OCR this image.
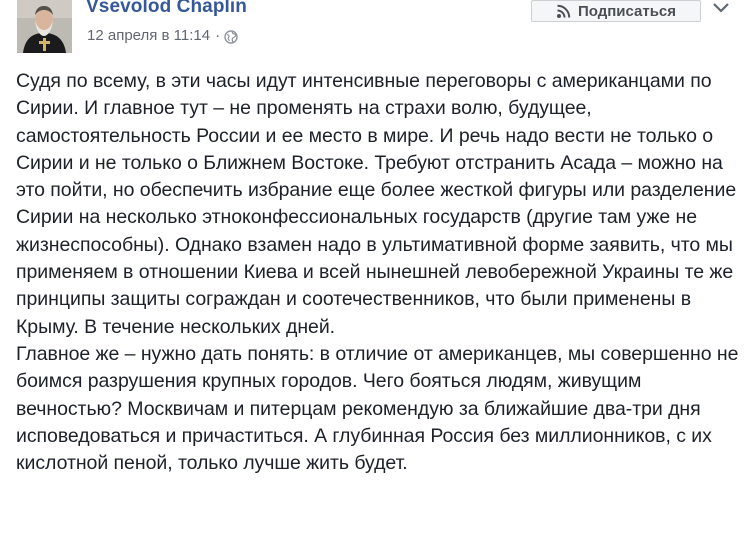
Vsevolod Chaplin
12 апреля в 11:14 ·
Подписаться

Судя по всему, в эти часы идут интенсивные переговоры с американцами по Сирии. И главное тут – не променять на страхи волю, будущее, самостоятельность России и ее место в мире. И речь надо вести не только о Сирии и не только о Ближнем Востоке. Требуют отстранить Асада – можно на это пойти, но обеспечить избрание еще более жесткой фигуры или разделение Сирии на несколько этноконфессиональных государств (другие там уже не жизнеспособны). Однако взамен надо в ультимативной форме заявить, что мы применяем в отношении Киева и всей нынешней левобережной Украины те же принципы защиты сограждан и соотечественников, что были применены в Крыму. В течение нескольких дней.

Главное же – нужно дать понять: в отличие от американцев, мы совершенно не боимся разрушения крупных городов. Чего бояться людям, живущим вечностью? Москвичам и питерцам рекомендую за ближайшие два-три дня исповедоваться и причаститься. А глубинная Россия без миллионников, с их кислотной пеной, только лучше жить будет.
